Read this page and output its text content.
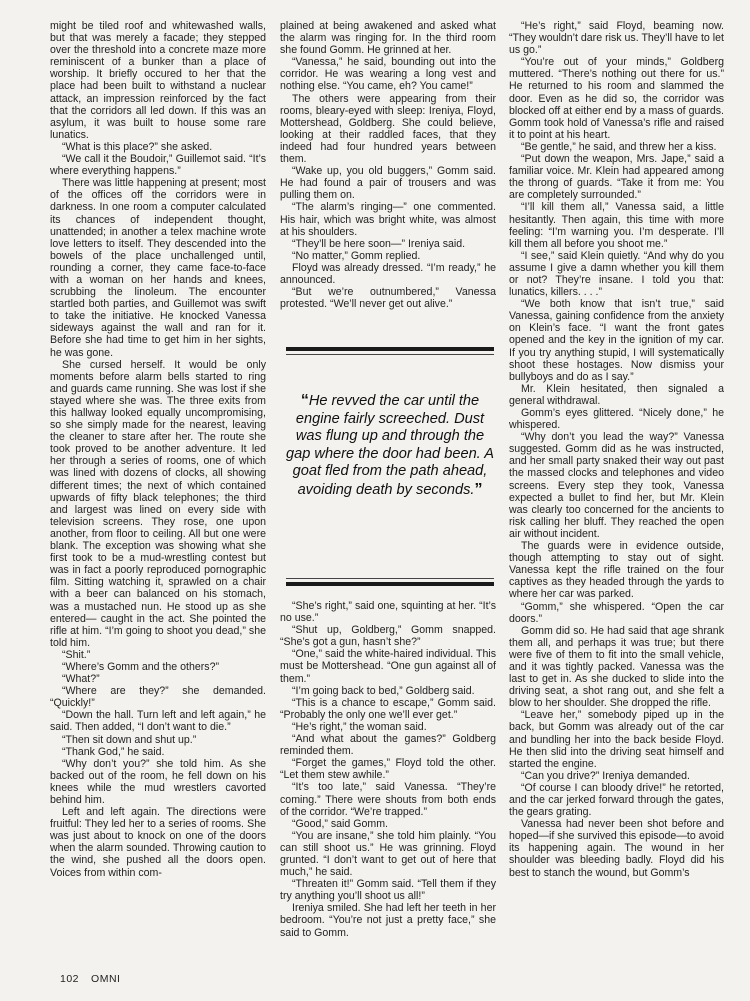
might be tiled roof and whitewashed walls, but that was merely a facade; they stepped over the threshold into a concrete maze more reminiscent of a bunker than a place of worship. It briefly occured to her that the place had been built to withstand a nuclear attack, an impression reinforced by the fact that the corridors all led down. If this was an asylum, it was built to house some rare lunatics.

“What is this place?” she asked.

“We call it the Boudoir,” Guillemot said. “It’s where everything happens.”

There was little happening at present; most of the offices off the corridors were in darkness. In one room a computer calculated its chances of independent thought, unattended; in another a telex machine wrote love letters to itself. They descended into the bowels of the place unchallenged until, rounding a corner, they came face-to-face with a woman on her hands and knees, scrubbing the linoleum. The encounter startled both parties, and Guillemot was swift to take the initiative. He knocked Vanessa sideways against the wall and ran for it. Before she had time to get him in her sights, he was gone.

She cursed herself. It would be only moments before alarm bells started to ring and guards came running. She was lost if she stayed where she was. The three exits from this hallway looked equally uncompromising, so she simply made for the nearest, leaving the cleaner to stare after her. The route she took proved to be another adventure. It led her through a series of rooms, one of which was lined with dozens of clocks, all showing different times; the next of which contained upwards of fifty black telephones; the third and largest was lined on every side with television screens. They rose, one upon another, from floor to ceiling. All but one were blank. The exception was showing what she first took to be a mud-wrestling contest but was in fact a poorly reproduced pornographic film. Sitting watching it, sprawled on a chair with a beer can balanced on his stomach, was a mustached nun. He stood up as she entered— caught in the act. She pointed the rifle at him. “I’m going to shoot you dead,” she told him.

“Shit.”

“Where’s Gomm and the others?”

“What?”

“Where are they?” she demanded. “Quickly!”

“Down the hall. Turn left and left again,” he said. Then added, “I don’t want to die.”

“Then sit down and shut up.”

“Thank God,” he said.

“Why don’t you?” she told him. As she backed out of the room, he fell down on his knees while the mud wrestlers cavorted behind him.

Left and left again. The directions were fruitful: They led her to a series of rooms. She was just about to knock on one of the doors when the alarm sounded. Throwing caution to the wind, she pushed all the doors open. Voices from within com-

plained at being awakened and asked what the alarm was ringing for. In the third room she found Gomm. He grinned at her.

“Vanessa,” he said, bounding out into the corridor. He was wearing a long vest and nothing else. “You came, eh? You came!”

The others were appearing from their rooms, bleary-eyed with sleep: Ireniya, Floyd, Mottershead, Goldberg. She could believe, looking at their raddled faces, that they indeed had four hundred years between them.

“Wake up, you old buggers,” Gomm said. He had found a pair of trousers and was pulling them on.

“The alarm’s ringing—” one commented. His hair, which was bright white, was almost at his shoulders.

“They’ll be here soon—” Ireniya said.

“No matter,” Gomm replied.

Floyd was already dressed. “I’m ready,” he announced.

“But we’re outnumbered,” Vanessa protested. “We’ll never get out alive.”

“He revved the car until the engine fairly screeched. Dust was flung up and through the gap where the door had been. A goat fled from the path ahead, avoiding death by seconds.”

“She’s right,” said one, squinting at her. “It’s no use.”

“Shut up, Goldberg,” Gomm snapped. “She’s got a gun, hasn’t she?”

“One,” said the white-haired individual. This must be Mottershead. “One gun against all of them.”

“I’m going back to bed,” Goldberg said.

“This is a chance to escape,” Gomm said. “Probably the only one we’ll ever get.”

“He’s right,” the woman said.

“And what about the games?” Goldberg reminded them.

“Forget the games,” Floyd told the other. “Let them stew awhile.”

“It’s too late,” said Vanessa. “They’re coming.” There were shouts from both ends of the corridor. “We’re trapped.”

“Good,” said Gomm.

“You are insane,” she told him plainly. “You can still shoot us.” He was grinning. Floyd grunted. “I don’t want to get out of here that much,” he said.

“Threaten it!” Gomm said. “Tell them if they try anything you’ll shoot us all!”

Ireniya smiled. She had left her teeth in her bedroom. “You’re not just a pretty face,” she said to Gomm.

“He’s right,” said Floyd, beaming now. “They wouldn’t dare risk us. They’ll have to let us go.”

“You’re out of your minds,” Goldberg muttered. “There’s nothing out there for us.” He returned to his room and slammed the door. Even as he did so, the corridor was blocked off at either end by a mass of guards. Gomm took hold of Vanessa’s rifle and raised it to point at his heart.

“Be gentle,” he said, and threw her a kiss.

“Put down the weapon, Mrs. Jape,” said a familiar voice. Mr. Klein had appeared among the throng of guards. “Take it from me: You are completely surrounded.”

“I’ll kill them all,” Vanessa said, a little hesitantly. Then again, this time with more feeling: “I’m warning you. I’m desperate. I’ll kill them all before you shoot me.”

“I see,” said Klein quietly. “And why do you assume I give a damn whether you kill them or not? They’re insane. I told you that: lunatics, killers. . . .”

“We both know that isn’t true,” said Vanessa, gaining confidence from the anxiety on Klein’s face. “I want the front gates opened and the key in the ignition of my car. If you try anything stupid, I will systematically shoot these hostages. Now dismiss your bullyboys and do as I say.”

Mr. Klein hesitated, then signaled a general withdrawal.

Gomm’s eyes glittered. “Nicely done,” he whispered.

“Why don’t you lead the way?” Vanessa suggested. Gomm did as he was instructed, and her small party snaked their way out past the massed clocks and telephones and video screens. Every step they took, Vanessa expected a bullet to find her, but Mr. Klein was clearly too concerned for the ancients to risk calling her bluff. They reached the open air without incident.

The guards were in evidence outside, though attempting to stay out of sight. Vanessa kept the rifle trained on the four captives as they headed through the yards to where her car was parked.

“Gomm,” she whispered. “Open the car doors.”

Gomm did so. He had said that age shrank them all, and perhaps it was true; but there were five of them to fit into the small vehicle, and it was tightly packed. Vanessa was the last to get in. As she ducked to slide into the driving seat, a shot rang out, and she felt a blow to her shoulder. She dropped the rifle.

“Leave her,” somebody piped up in the back, but Gomm was already out of the car and bundling her into the back beside Floyd. He then slid into the driving seat himself and started the engine.

“Can you drive?” Ireniya demanded.

“Of course I can bloody drive!” he retorted, and the car jerked forward through the gates, the gears grating.

Vanessa had never been shot before and hoped—if she survived this episode—to avoid its happening again. The wound in her shoulder was bleeding badly. Floyd did his best to stanch the wound, but Gomm’s

102 OMNI
